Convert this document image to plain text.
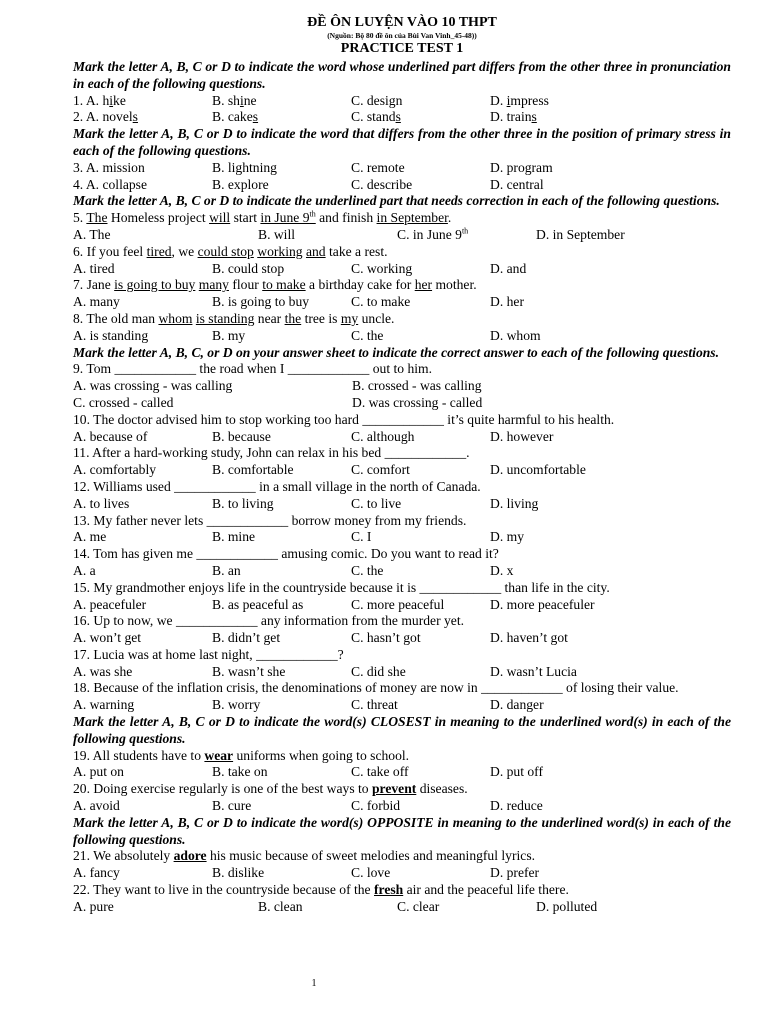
ĐỀ ÔN LUYỆN VÀO 10 THPT
(Nguồn: Bộ 80 đề ôn của Bùi Van Vinh_45-48))
PRACTICE TEST 1
Mark the letter A, B, C or D to indicate the word whose underlined part differs from the other three in pronunciation in each of the following questions.
1. A. hike	B. shine	C. design	D. impress
2. A. novels	B. cakes	C. stands	D. trains
Mark the letter A, B, C or D to indicate the word that differs from the other three in the position of primary stress in each of the following questions.
3. A. mission	B. lightning	C. remote	D. program
4. A. collapse	B. explore	C. describe	D. central
Mark the letter A, B, C or D to indicate the underlined part that needs correction in each of the following questions.
5. The Homeless project will start in June 9th and finish in September.
A. The	B. will	C. in June 9th	D. in September
6. If you feel tired, we could stop working and take a rest.
A. tired	B. could stop	C. working	D. and
7. Jane is going to buy many flour to make a birthday cake for her mother.
A. many	B. is going to buy	C. to make	D. her
8. The old man whom is standing near the tree is my uncle.
A. is standing	B. my	C. the	D. whom
Mark the letter A, B, C, or D on your answer sheet to indicate the correct answer to each of the following questions.
9. Tom ____________ the road when I ____________ out to him.
A. was crossing - was calling	B. crossed - was calling
C. crossed - called	D. was crossing - called
10. The doctor advised him to stop working too hard ____________ it’s quite harmful to his health.
A. because of	B. because	C. although	D. however
11. After a hard-working study, John can relax in his bed ____________.
A. comfortably	B. comfortable	C. comfort	D. uncomfortable
12. Williams used ____________ in a small village in the north of Canada.
A. to lives	B. to living	C. to live	D. living
13. My father never lets ____________ borrow money from my friends.
A. me	B. mine	C. I	D. my
14. Tom has given me ____________ amusing comic. Do you want to read it?
A. a	B. an	C. the	D. x
15. My grandmother enjoys life in the countryside because it is ____________ than life in the city.
A. peacefuler	B. as peaceful as	C. more peaceful	D. more peacefuler
16. Up to now, we ____________ any information from the murder yet.
A. won’t get	B. didn’t get	C. hasn’t got	D. haven’t got
17. Lucia was at home last night, ____________?
A. was she	B. wasn’t she	C. did she	D. wasn’t Lucia
18. Because of the inflation crisis, the denominations of money are now in ____________ of losing their value.
A. warning	B. worry	C. threat	D. danger
Mark the letter A, B, C or D to indicate the word(s) CLOSEST in meaning to the underlined word(s) in each of the following questions.
19. All students have to wear uniforms when going to school.
A. put on	B. take on	C. take off	D. put off
20. Doing exercise regularly is one of the best ways to prevent diseases.
A. avoid	B. cure	C. forbid	D. reduce
Mark the letter A, B, C or D to indicate the word(s) OPPOSITE in meaning to the underlined word(s) in each of the following questions.
21. We absolutely adore his music because of sweet melodies and meaningful lyrics.
A. fancy	B. dislike	C. love	D. prefer
22. They want to live in the countryside because of the fresh air and the peaceful life there.
A. pure	B. clean	C. clear	D. polluted
1
